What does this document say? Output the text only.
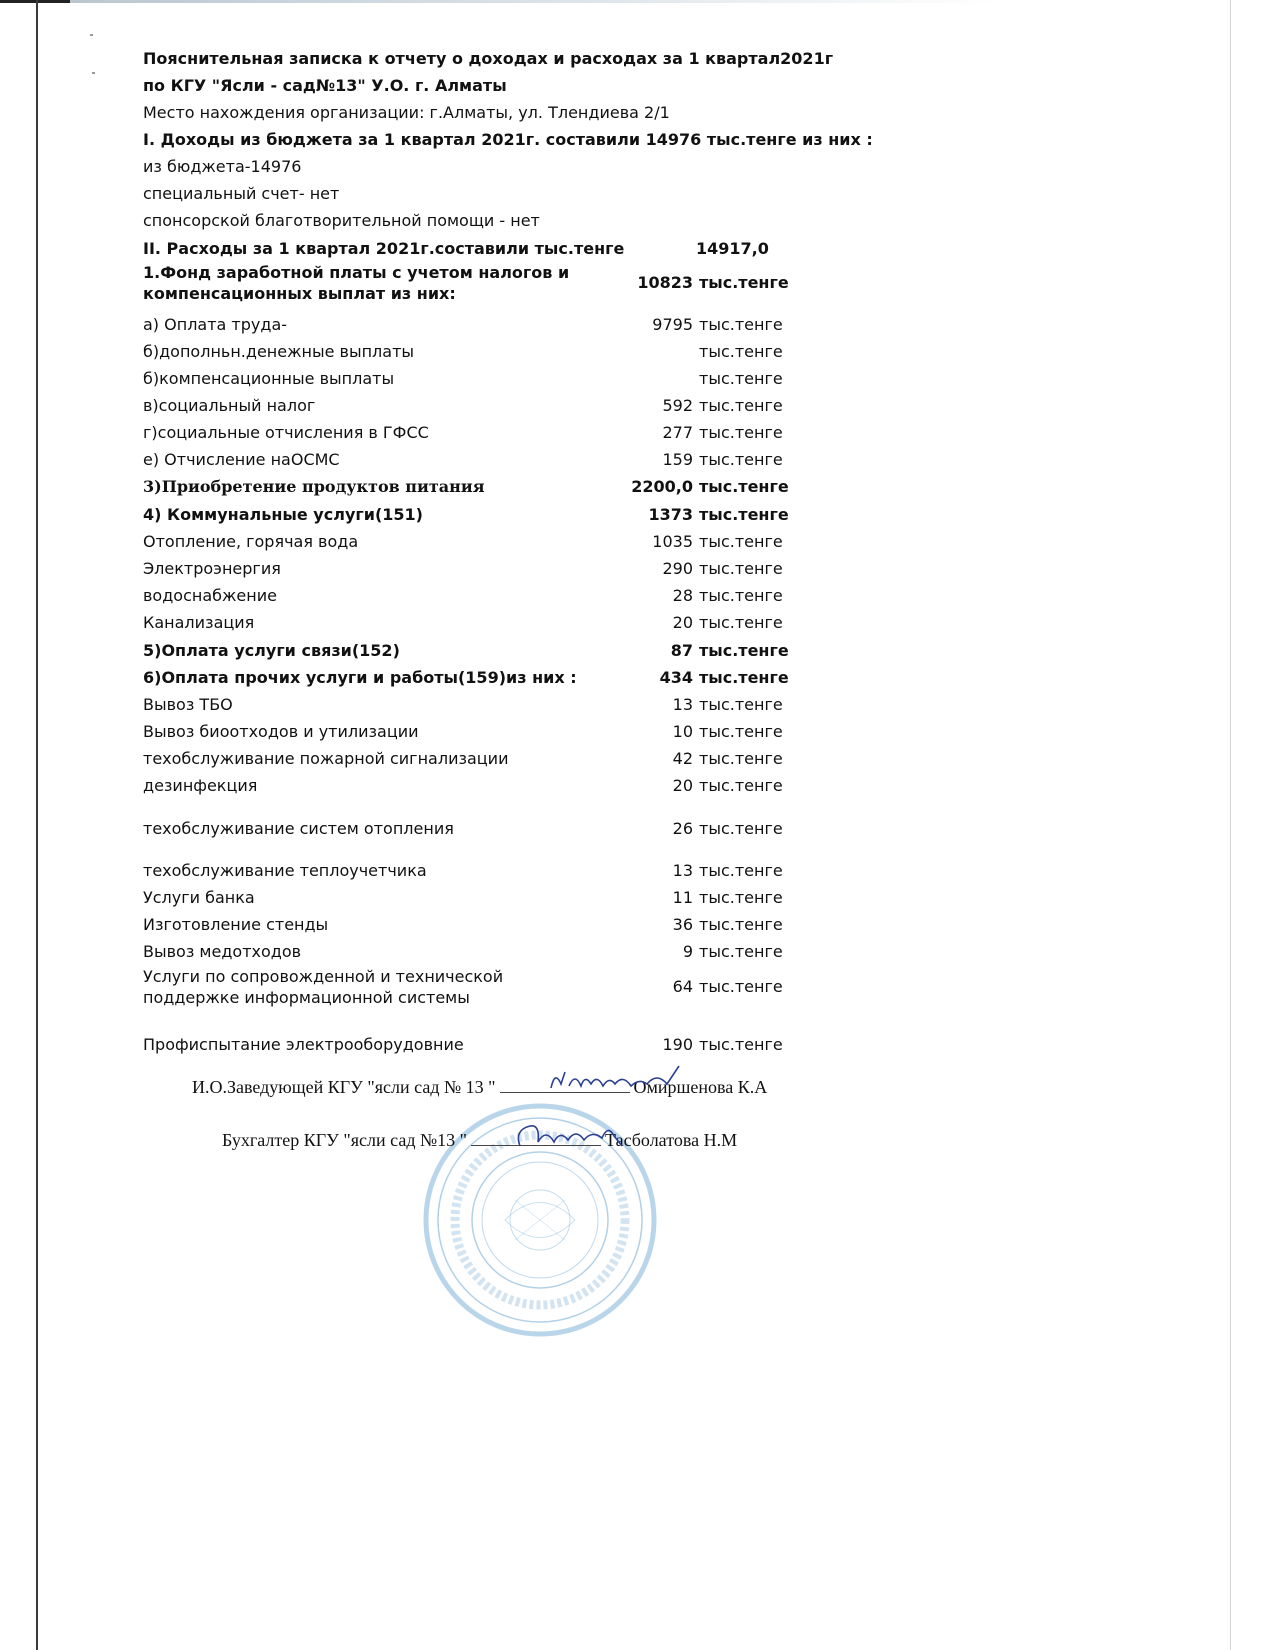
Пояснительная записка к отчету о доходах и расходах за 1 квартал2021г
по КГУ "Ясли - сад№13" У.О. г. Алматы
Место нахождения организации: г.Алматы, ул. Тлендиева 2/1
I. Доходы из бюджета за 1 квартал 2021г. составили 14976 тыс.тенге из них :
из бюджета-14976
специальный счет- нет
спонсорской благотворительной помощи - нет
II. Расходы за 1 квартал 2021г.составили тыс.тенге	14917,0
1.Фонд заработной платы с учетом налогов и
компенсационных выплат из них:
10823 тыс.тенге
а) Оплата труда-	9795 тыс.тенге
б)дополньн.денежные выплаты	тыс.тенге
б)компенсационные выплаты	тыс.тенге
в)социальный налог	592 тыс.тенге
г)социальные отчисления в ГФСС	277 тыс.тенге
е) Отчисление наОСМС	159 тыс.тенге
3)Приобретение продуктов питания	2200,0 тыс.тенге
4) Коммунальные услуги(151)	1373 тыс.тенге
Отопление, горячая вода	1035 тыс.тенге
Электроэнергия	290 тыс.тенге
водоснабжение	28 тыс.тенге
Канализация	20 тыс.тенге
5)Оплата услуги связи(152)	87 тыс.тенге
6)Оплата прочих услуги и работы(159)из них :	434 тыс.тенге
Вывоз ТБО	13 тыс.тенге
Вывоз биоотходов и утилизации	10 тыс.тенге
техобслуживание пожарной сигнализации	42 тыс.тенге
дезинфекция	20 тыс.тенге
техобслуживание систем отопления	26 тыс.тенге
техобслуживание теплоучетчика	13 тыс.тенге
Услуги банка	11 тыс.тенге
Изготовление стенды	36 тыс.тенге
Вывоз медотходов	9 тыс.тенге
Услуги по сопровожденной и технической
поддержке информационной системы
64 тыс.тенге
Профиспытание электрооборудовние	190 тыс.тенге
И.О.Заведующей КГУ "ясли сад № 13 "	Омиршенова К.А
Бухгалтер КГУ "ясли сад №13 "	Тасболатова Н.М
